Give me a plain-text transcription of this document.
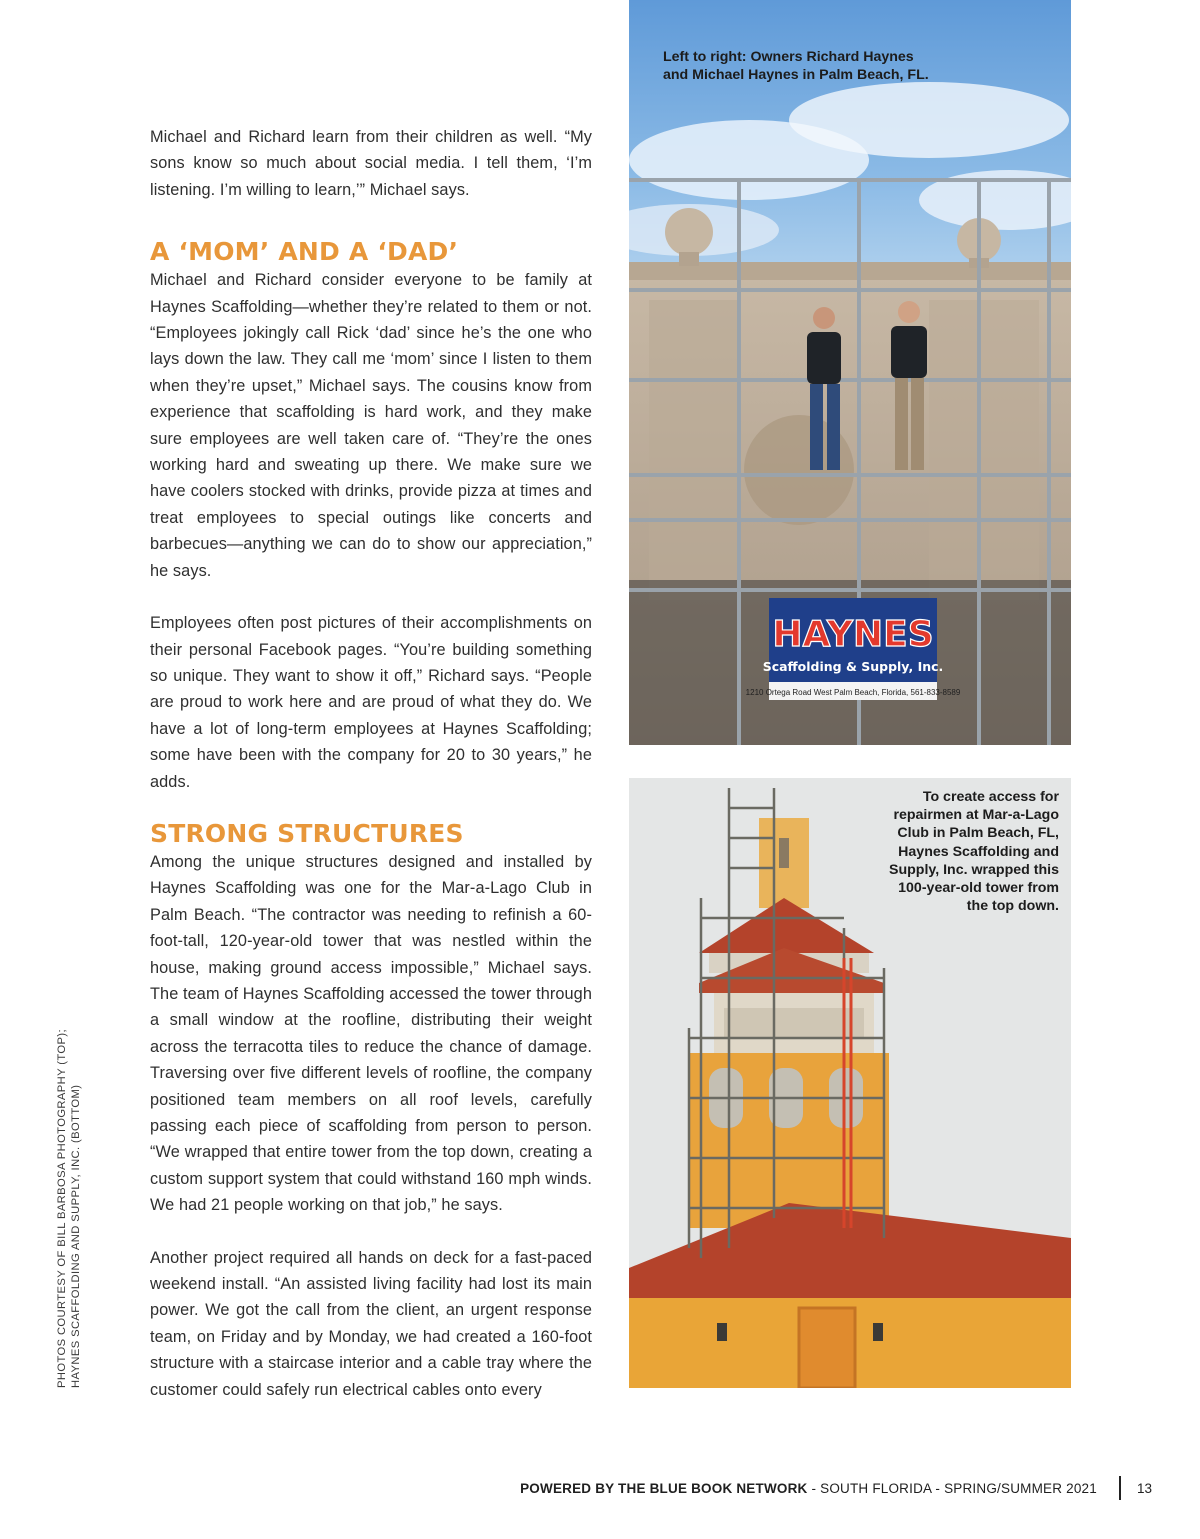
Michael and Richard learn from their children as well. “My sons know so much about social media. I tell them, ‘I’m listening. I’m willing to learn,’” Michael says.

A ‘MOM’ AND A ‘DAD’

Michael and Richard consider everyone to be family at Haynes Scaffolding—whether they’re related to them or not. “Employees jokingly call Rick ‘dad’ since he’s the one who lays down the law. They call me ‘mom’ since I listen to them when they’re upset,” Michael says. The cousins know from experience that scaffolding is hard work, and they make sure employees are well taken care of. “They’re the ones working hard and sweating up there. We make sure we have coolers stocked with drinks, provide pizza at times and treat employees to special outings like concerts and barbecues—anything we can do to show our appreciation,” he says.

Employees often post pictures of their accomplishments on their personal Facebook pages. “You’re building something so unique. They want to show it off,” Richard says. “People are proud to work here and are proud of what they do. We have a lot of long-term employees at Haynes Scaffolding; some have been with the company for 20 to 30 years,” he adds.

STRONG STRUCTURES

Among the unique structures designed and installed by Haynes Scaffolding was one for the Mar-a-Lago Club in Palm Beach. “The contractor was needing to refinish a 60-foot-tall, 120-year-old tower that was nestled within the house, making ground access impossible,” Michael says. The team of Haynes Scaffolding accessed the tower through a small window at the roofline, distributing their weight across the terracotta tiles to reduce the chance of damage. Traversing over five different levels of roofline, the company positioned team members on all roof levels, carefully passing each piece of scaffolding from person to person. “We wrapped that entire tower from the top down, creating a custom support system that could withstand 160 mph winds. We had 21 people working on that job,” he says.

Another project required all hands on deck for a fast-paced weekend install. “An assisted living facility had lost its main power. We got the call from the client, an urgent response team, on Friday and by Monday, we had created a 160-foot structure with a staircase interior and a cable tray where the customer could safely run electrical cables onto every

HAYNES
Scaffolding & Supply, Inc.
1210 Ortega Road West Palm Beach, Florida, 561-833-8589
Left to right: Owners Richard Haynes
and Michael Haynes in Palm Beach, FL.
To create access for
repairmen at Mar-a-Lago
Club in Palm Beach, FL,
Haynes Scaffolding and
Supply, Inc. wrapped this
100-year-old tower from
the top down.
PHOTOS COURTESY OF BILL BARBOSA PHOTOGRAPHY (TOP); HAYNES SCAFFOLDING AND SUPPLY, INC. (BOTTOM)
POWERED BY THE BLUE BOOK NETWORK - SOUTH FLORIDA - SPRING/SUMMER 2021	13
